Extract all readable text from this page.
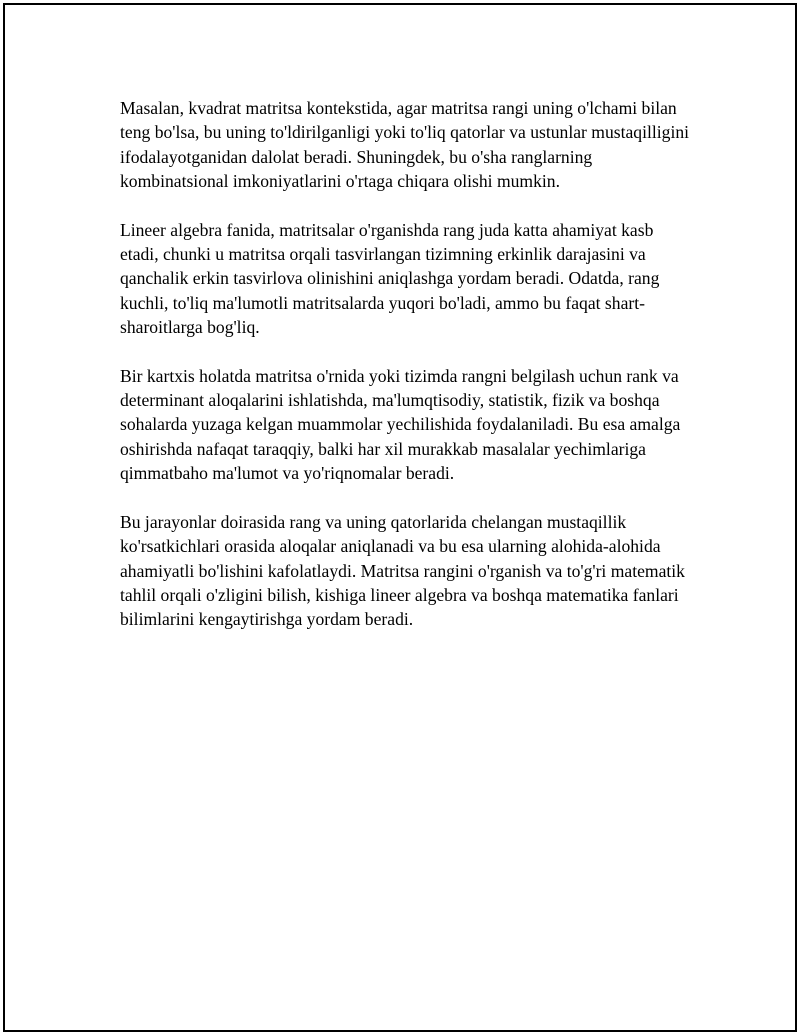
Masalan, kvadrat matritsa kontekstida, agar matritsa rangi uning o'lchami bilan teng bo'lsa, bu uning to'ldirilganligi yoki to'liq qatorlar va ustunlar mustaqilligini ifodalayotganidan dalolat beradi. Shuningdek, bu o'sha ranglarning kombinatsional imkoniyatlarini o'rtaga chiqara olishi mumkin.

Lineer algebra fanida, matritsalar o'rganishda rang juda katta ahamiyat kasb etadi, chunki u matritsa orqali tasvirlangan tizimning erkinlik darajasini va qanchalik erkin tasvirlova olinishini aniqlashga yordam beradi. Odatda, rang kuchli, to'liq ma'lumotli matritsalarda yuqori bo'ladi, ammo bu faqat shart-sharoitlarga bog'liq.

Bir kartxis holatda matritsa o'rnida yoki tizimda rangni belgilash uchun rank va determinant aloqalarini ishlatishda, ma'lumqtisodiy, statistik, fizik va boshqa sohalarda yuzaga kelgan muammolar yechilishida foydalaniladi. Bu esa amalga oshirishda nafaqat taraqqiy, balki har xil murakkab masalalar yechimlariga qimmatbaho ma'lumot va yo'riqnomalar beradi.

Bu jarayonlar doirasida rang va uning qatorlarida chelangan mustaqillik ko'rsatkichlari orasida aloqalar aniqlanadi va bu esa ularning alohida-alohida ahamiyatli bo'lishini kafolatlaydi. Matritsa rangini o'rganish va to'g'ri matematik tahlil orqali o'zligini bilish, kishiga lineer algebra va boshqa matematika fanlari bilimlarini kengaytirishga yordam beradi.
